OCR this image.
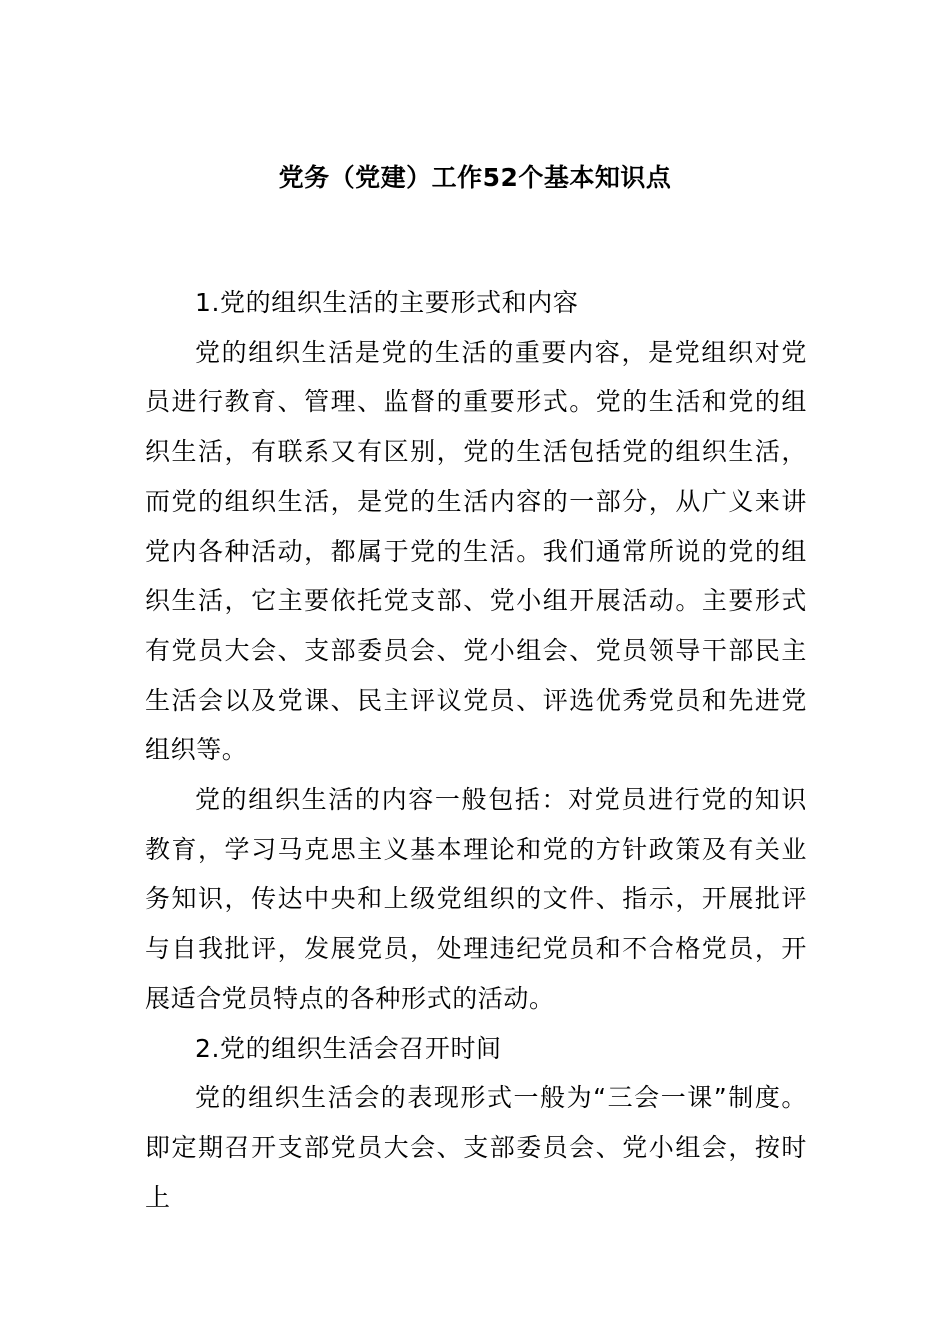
党务（党建）工作52个基本知识点

1.党的组织生活的主要形式和内容

党的组织生活是党的生活的重要内容，是党组织对党员进行教育、管理、监督的重要形式。党的生活和党的组织生活，有联系又有区别，党的生活包括党的组织生活，而党的组织生活，是党的生活内容的一部分，从广义来讲党内各种活动，都属于党的生活。我们通常所说的党的组织生活，它主要依托党支部、党小组开展活动。主要形式有党员大会、支部委员会、党小组会、党员领导干部民主生活会以及党课、民主评议党员、评选优秀党员和先进党组织等。

党的组织生活的内容一般包括：对党员进行党的知识教育，学习马克思主义基本理论和党的方针政策及有关业务知识，传达中央和上级党组织的文件、指示，开展批评与自我批评，发展党员，处理违纪党员和不合格党员，开展适合党员特点的各种形式的活动。

2.党的组织生活会召开时间

党的组织生活会的表现形式一般为“三会一课”制度。即定期召开支部党员大会、支部委员会、党小组会，按时上
